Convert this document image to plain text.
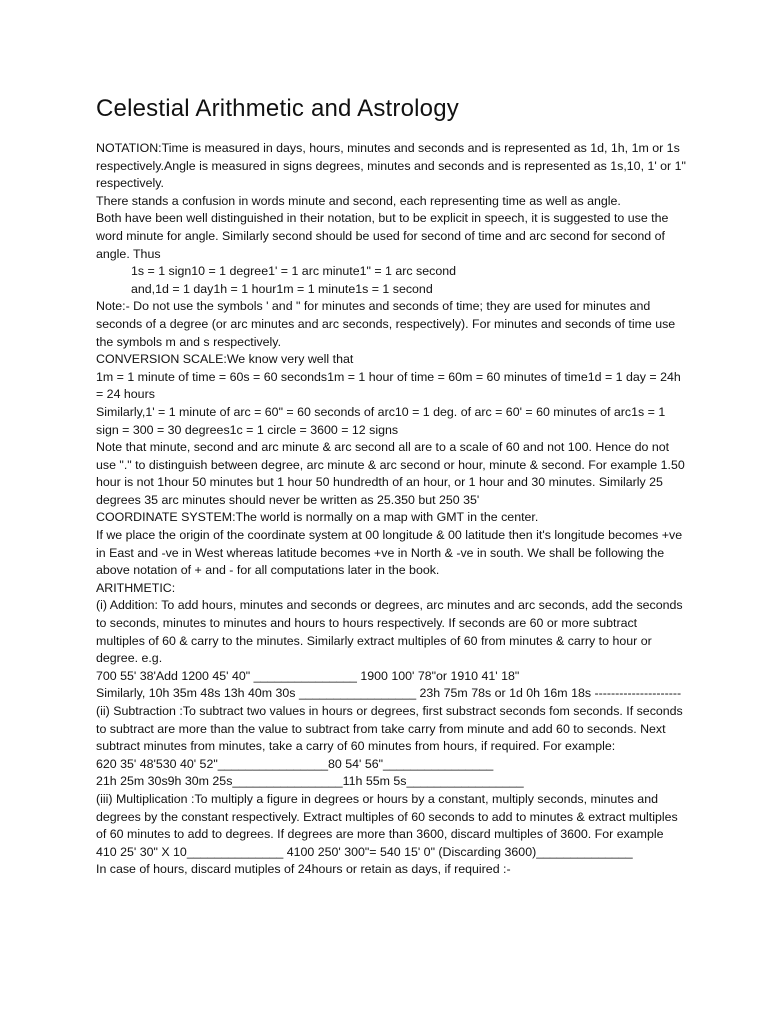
Celestial Arithmetic and Astrology

NOTATION:Time is measured in days, hours, minutes and seconds and is represented as 1d, 1h, 1m or 1s respectively.Angle is measured in signs degrees, minutes and seconds and is represented as 1s,10, 1' or 1" respectively.

There stands a confusion in words minute and second, each representing time as well as angle.

Both have been well distinguished in their notation, but to be explicit in speech, it is suggested to use the word minute for angle. Similarly second should be used for second of time and arc second for second of angle. Thus

1s = 1 sign10 = 1 degree1' = 1 arc minute1" = 1 arc second

and,1d = 1 day1h = 1 hour1m = 1 minute1s = 1 second

Note:- Do not use the symbols ' and " for minutes and seconds of time; they are used for minutes and seconds of a degree (or arc minutes and arc seconds, respectively). For minutes and seconds of time use the symbols m and s respectively.

CONVERSION SCALE:We know very well that

1m = 1 minute of time = 60s = 60 seconds1m = 1 hour of time = 60m = 60 minutes of time1d = 1 day = 24h = 24 hours

Similarly,1' = 1 minute of arc = 60" = 60 seconds of arc10 = 1 deg. of arc = 60' = 60 minutes of arc1s = 1 sign = 300 = 30 degrees1c = 1 circle = 3600 = 12 signs

Note that minute, second and arc minute & arc second all are to a scale of 60 and not 100. Hence do not use "." to distinguish between degree, arc minute & arc second or hour, minute & second. For example 1.50 hour is not 1hour 50 minutes but 1 hour 50 hundredth of an hour, or 1 hour and 30 minutes. Similarly 25 degrees 35 arc minutes should never be written as 25.350 but 250 35'

COORDINATE SYSTEM:The world is normally on a map with GMT in the center.

If we place the origin of the coordinate system at 00 longitude & 00 latitude then it's longitude becomes +ve in East and -ve in West whereas latitude becomes +ve in North & -ve in south. We shall be following the above notation of + and - for all computations later in the book.

ARITHMETIC:

(i) Addition: To add hours, minutes and seconds or degrees, arc minutes and arc seconds, add the seconds to seconds, minutes to minutes and hours to hours respectively. If seconds are 60 or more subtract multiples of 60 & carry to the minutes. Similarly extract multiples of 60 from minutes & carry to hour or degree. e.g.

700 55' 38'Add 1200 45' 40" _______________ 1900 100' 78"or 1910 41' 18"

Similarly, 10h 35m 48s 13h 40m 30s _________________ 23h 75m 78s or 1d 0h 16m 18s ---------------------

(ii) Subtraction :To subtract two values in hours or degrees, first substract seconds fom seconds. If seconds to subtract are more than the value to subtract from take carry from minute and add 60 to seconds. Next subtract minutes from minutes, take a carry of 60 minutes from hours, if required. For example:

620 35' 48'530 40' 52"________________80 54' 56"________________

21h 25m 30s9h 30m 25s________________11h 55m 5s_________________

(iii) Multiplication :To multiply a figure in degrees or hours by a constant, multiply seconds, minutes and degrees by the constant respectively. Extract multiples of 60 seconds to add to minutes & extract multiples of 60 minutes to add to degrees. If degrees are more than 3600, discard multiples of 3600. For example

410 25' 30" X 10______________ 4100 250' 300"= 540 15' 0" (Discarding 3600)______________

In case of hours, discard mutiples of 24hours or retain as days, if required :-
